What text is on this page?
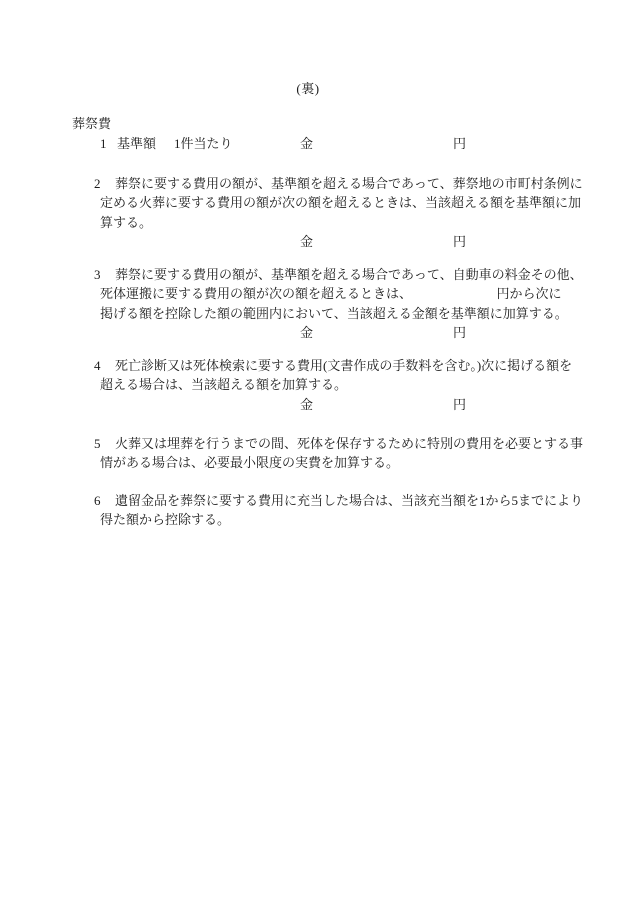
(裏)
葬祭費
1 基準額 1件当たり	金	円
2 葬祭に要する費用の額が、基準額を超える場合であって、葬祭地の市町村条例に
定める火葬に要する費用の額が次の額を超えるときは、当該超える額を基準額に加
算する。
金	円
3 葬祭に要する費用の額が、基準額を超える場合であって、自動車の料金その他、
死体運搬に要する費用の額が次の額を超えるときは、　　　　　　　円から次に
掲げる額を控除した額の範囲内において、当該超える金額を基準額に加算する。
金	円
4 死亡診断又は死体検索に要する費用(文書作成の手数料を含む。)次に掲げる額を
超える場合は、当該超える額を加算する。
金	円
5 火葬又は埋葬を行うまでの間、死体を保存するために特別の費用を必要とする事
情がある場合は、必要最小限度の実費を加算する。
6 遺留金品を葬祭に要する費用に充当した場合は、当該充当額を1から5までにより
得た額から控除する。
